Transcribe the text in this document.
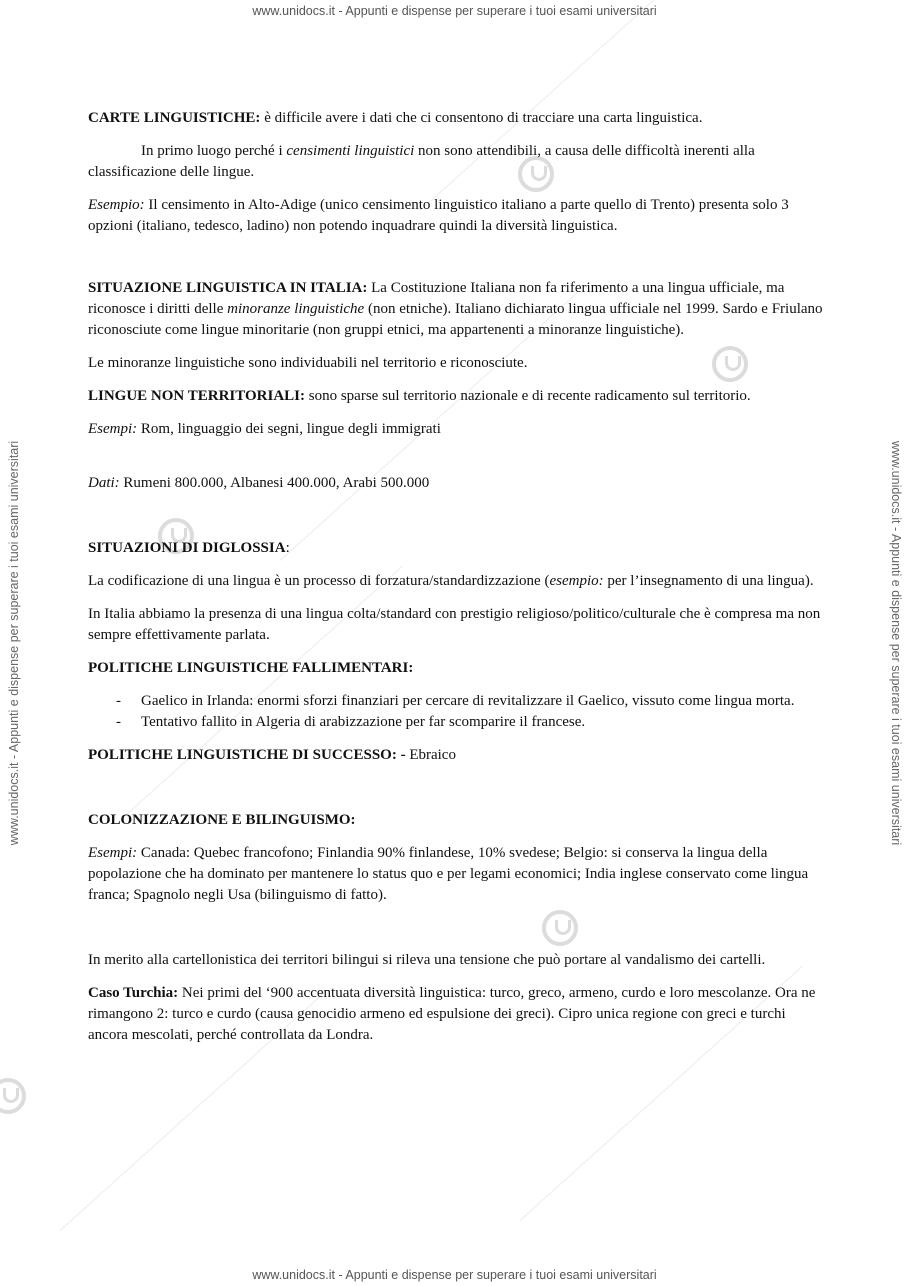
www.unidocs.it - Appunti e dispense per superare i tuoi esami universitari
www.unidocs.it - Appunti e dispense per superare i tuoi esami universitari
www.unidocs.it - Appunti e dispense per superare i tuoi esami universitari	www.unidocs.it - Appunti e dispense per superare i tuoi esami universitari

CARTE LINGUISTICHE: è difficile avere i dati che ci consentono di tracciare una carta linguistica.

In primo luogo perché i censimenti linguistici non sono attendibili, a causa delle difficoltà inerenti alla classificazione delle lingue.

Esempio: Il censimento in Alto-Adige (unico censimento linguistico italiano a parte quello di Trento) presenta solo 3 opzioni (italiano, tedesco, ladino) non potendo inquadrare quindi la diversità linguistica.

SITUAZIONE LINGUISTICA IN ITALIA: La Costituzione Italiana non fa riferimento a una lingua ufficiale, ma riconosce i diritti delle minoranze linguistiche (non etniche). Italiano dichiarato lingua ufficiale nel 1999. Sardo e Friulano riconosciute come lingue minoritarie (non gruppi etnici, ma appartenenti a minoranze linguistiche).

Le minoranze linguistiche sono individuabili nel territorio e riconosciute.

LINGUE NON TERRITORIALI: sono sparse sul territorio nazionale e di recente radicamento sul territorio.

Esempi: Rom, linguaggio dei segni, lingue degli immigrati

Dati: Rumeni 800.000, Albanesi 400.000, Arabi 500.000

SITUAZIONI DI DIGLOSSIA:

La codificazione di una lingua è un processo di forzatura/standardizzazione (esempio: per l’insegnamento di una lingua).

In Italia abbiamo la presenza di una lingua colta/standard con prestigio religioso/politico/culturale che è compresa ma non sempre effettivamente parlata.

POLITICHE LINGUISTICHE FALLIMENTARI:

- Gaelico in Irlanda: enormi sforzi finanziari per cercare di revitalizzare il Gaelico, vissuto come lingua morta.
- Tentativo fallito in Algeria di arabizzazione per far scomparire il francese.

POLITICHE LINGUISTICHE DI SUCCESSO: - Ebraico

COLONIZZAZIONE E BILINGUISMO:

Esempi: Canada: Quebec francofono; Finlandia 90% finlandese, 10% svedese; Belgio: si conserva la lingua della popolazione che ha dominato per mantenere lo status quo e per legami economici; India inglese conservato come lingua franca; Spagnolo negli Usa (bilinguismo di fatto).

In merito alla cartellonistica dei territori bilingui si rileva una tensione che può portare al vandalismo dei cartelli.

Caso Turchia: Nei primi del ‘900 accentuata diversità linguistica: turco, greco, armeno, curdo e loro mescolanze. Ora ne rimangono 2: turco e curdo (causa genocidio armeno ed espulsione dei greci). Cipro unica regione con greci e turchi ancora mescolati, perché controllata da Londra.
